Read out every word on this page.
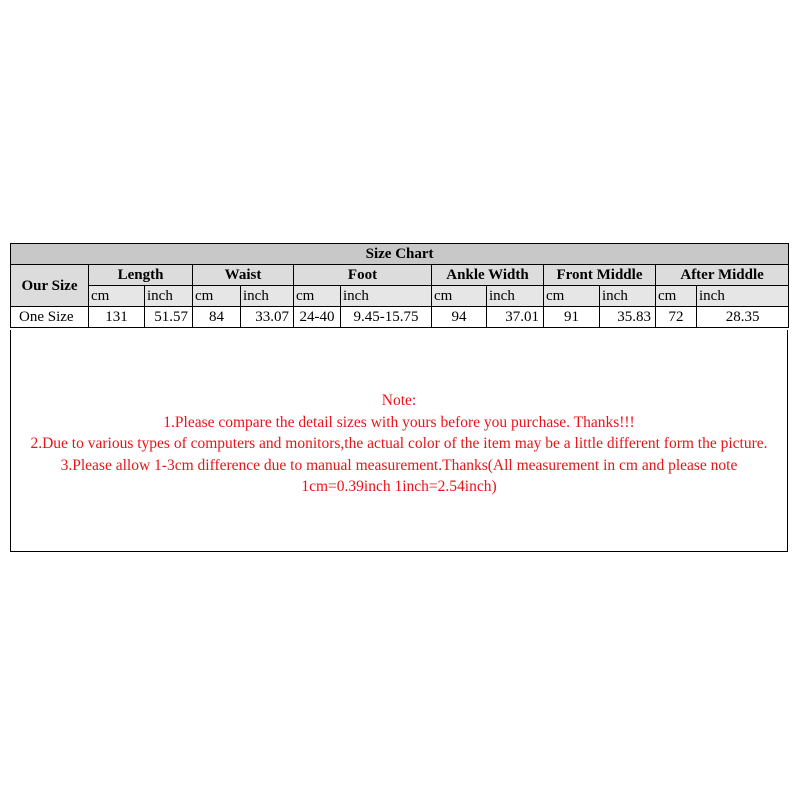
Size Chart												
Our Size	Length		Waist		Foot		Ankle Width		Front Middle		After Middle	
	cm	inch	cm	inch	cm	inch	cm	inch	cm	inch	cm	inch
One Size	131	51.57	84	33.07	24-40	9.45-15.75	94	37.01	91	35.83	72	28.35
Note:
1.Please compare the detail sizes with yours before you purchase. Thanks!!!
2.Due to various types of computers and monitors,the actual color of the item may be a little different form the picture.
3.Please allow 1-3cm difference due to manual measurement.Thanks(All measurement in cm and please note
1cm=0.39inch 1inch=2.54inch)
